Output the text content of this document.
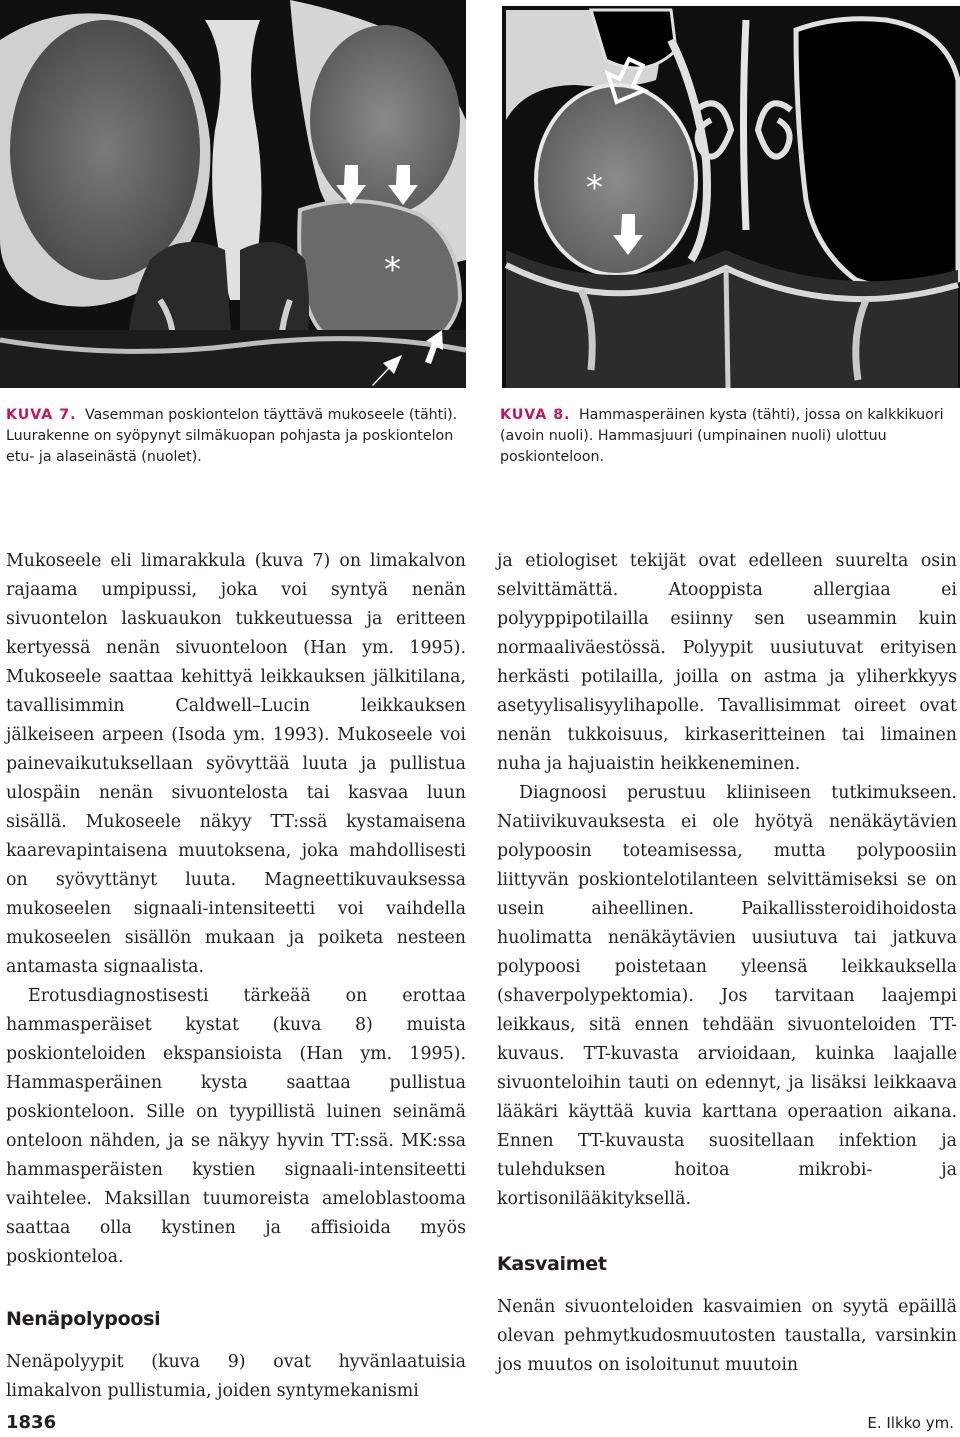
*
*
KUVA 7. Vasemman poskiontelon täyttävä mukoseele (tähti). Luurakenne on syöpynyt silmäkuopan pohjasta ja poskiontelon etu- ja alaseinästä (nuolet).
KUVA 8. Hammasperäinen kysta (tähti), jossa on kalkkikuori (avoin nuoli). Hammasjuuri (umpinainen nuoli) ulottuu poskionteloon.

Mukoseele eli limarakkula (kuva 7) on limakalvon rajaama umpipussi, joka voi syntyä nenän sivuontelon laskuaukon tukkeutuessa ja eritteen kertyessä nenän sivuonteloon (Han ym. 1995). Mukoseele saattaa kehittyä leikkauksen jälkitilana, tavallisimmin Caldwell–Lucin leikkauksen jälkeiseen arpeen (Isoda ym. 1993). Mukoseele voi painevaikutuksellaan syövyttää luuta ja pullistua ulospäin nenän sivuontelosta tai kasvaa luun sisällä. Mukoseele näkyy TT:ssä kystamaisena kaarevapintaisena muutoksena, joka mahdollisesti on syövyttänyt luuta. Magneettikuvauksessa mukoseelen signaali-intensiteetti voi vaihdella mukoseelen sisällön mukaan ja poiketa nesteen antamasta signaalista.

Erotusdiagnostisesti tärkeää on erottaa hammasperäiset kystat (kuva 8) muista poskionteloiden ekspansioista (Han ym. 1995). Hammasperäinen kysta saattaa pullistua poskionteloon. Sille on tyypillistä luinen seinämä onteloon nähden, ja se näkyy hyvin TT:ssä. MK:ssa hammasperäisten kystien signaali-intensiteetti vaihtelee. Maksillan tuumoreista ameloblastooma saattaa olla kystinen ja affisioida myös poskionteloa.

Nenäpolypoosi

Nenäpolyypit (kuva 9) ovat hyvänlaatuisia limakalvon pullistumia, joiden syntymekanismi

ja etiologiset tekijät ovat edelleen suurelta osin selvittämättä. Atooppista allergiaa ei polyyppipotilailla esiinny sen useammin kuin normaaliväestössä. Polyypit uusiutuvat erityisen herkästi potilailla, joilla on astma ja yliherkkyys asetyylisalisyylihapolle. Tavallisimmat oireet ovat nenän tukkoisuus, kirkaseritteinen tai limainen nuha ja hajuaistin heikkeneminen.

Diagnoosi perustuu kliiniseen tutkimukseen. Natiivikuvauksesta ei ole hyötyä nenäkäytävien polypoosin toteamisessa, mutta polypoosiin liittyvän poskiontelotilanteen selvittämiseksi se on usein aiheellinen. Paikallissteroidihoidosta huolimatta nenäkäytävien uusiutuva tai jatkuva polypoosi poistetaan yleensä leikkauksella (shaverpolypektomia). Jos tarvitaan laajempi leikkaus, sitä ennen tehdään sivuonteloiden TT-kuvaus. TT-kuvasta arvioidaan, kuinka laajalle sivuonteloihin tauti on edennyt, ja lisäksi leikkaava lääkäri käyttää kuvia karttana operaation aikana. Ennen TT-kuvausta suositellaan infektion ja tulehduksen hoitoa mikrobi- ja kortisonilääkityksellä.

Kasvaimet

Nenän sivuonteloiden kasvaimien on syytä epäillä olevan pehmytkudosmuutosten taustalla, varsinkin jos muutos on isoloitunut muutoin

1836	E. Ilkko ym.
